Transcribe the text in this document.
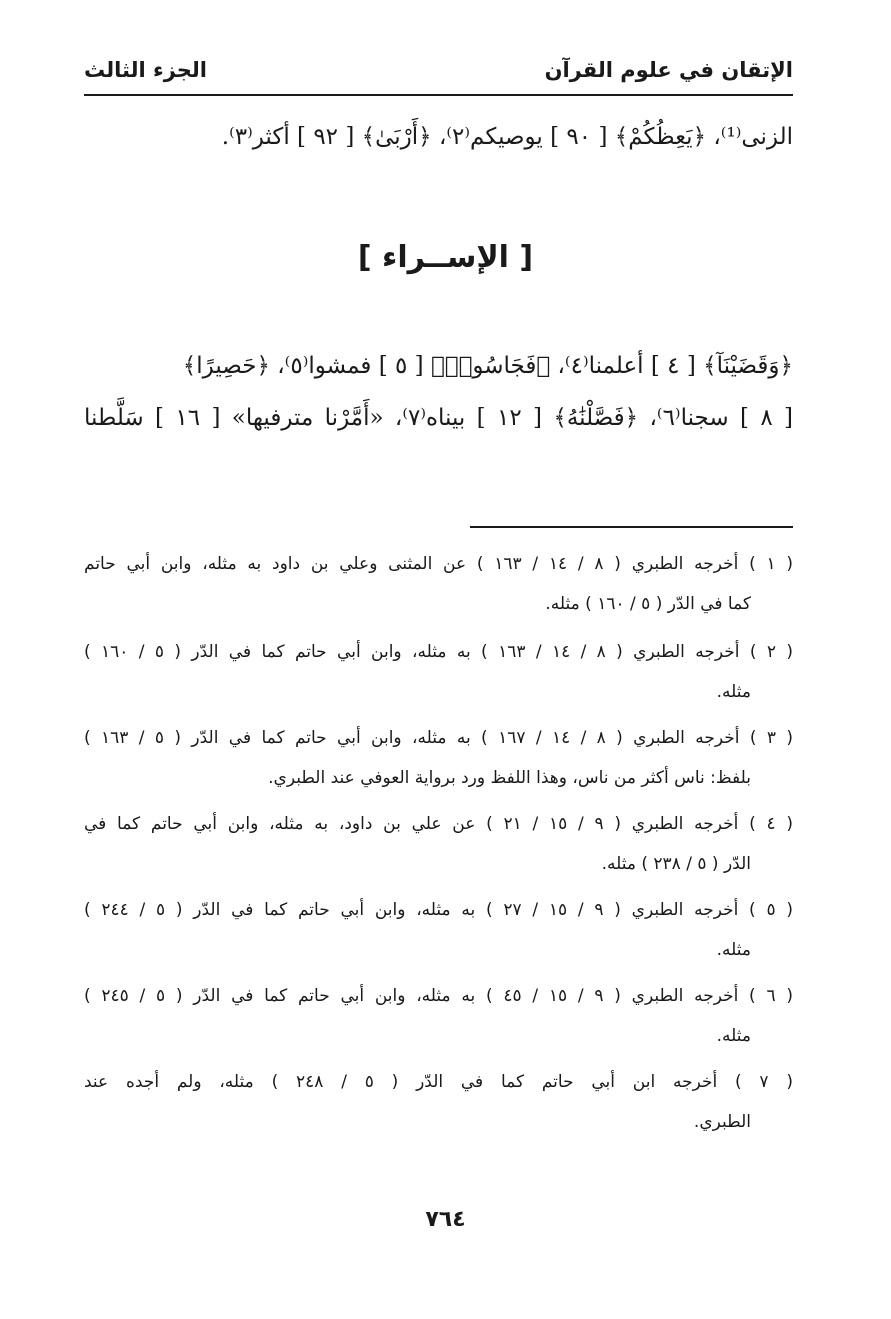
الإتقان في علوم القرآن
الجزء الثالث
الزنى⁽¹⁾، ﴿يَعِظُكُمْ﴾ [ ٩٠ ] يوصيكم⁽٢⁾، ﴿أَرْبَىٰ﴾ [ ٩٢ ] أكثر⁽٣⁾.
[ الإســراء ]
﴿وَقَضَيْنَآ﴾ [ ٤ ] أعلمنا⁽٤⁾، ﴿فَجَاسُوا۟﴾ [ ٥ ] فمشوا⁽٥⁾، ﴿حَصِيرًا﴾
[ ٨ ] سجنا⁽٦⁾، ﴿فَصَّلْنَٰهُ﴾ [ ١٢ ] بيناه⁽٧⁾، «أَمَّرْنا مترفيها» [ ١٦ ] سَلَّطنا
( ١ ) أخرجه الطبري ( ٨ / ١٤ / ١٦٣ ) عن المثنى وعلي بن داود به مثله، وابن أبي حاتم
كما في الدّر ( ٥ / ١٦٠ ) مثله.
( ٢ ) أخرجه الطبري ( ٨ / ١٤ / ١٦٣ ) به مثله، وابن أبي حاتم كما في الدّر ( ٥ / ١٦٠ )
مثله.
( ٣ ) أخرجه الطبري ( ٨ / ١٤ / ١٦٧ ) به مثله، وابن أبي حاتم كما في الدّر ( ٥ / ١٦٣ )
بلفظ: ناس أكثر من ناس، وهذا اللفظ ورد برواية العوفي عند الطبري.
( ٤ ) أخرجه الطبري ( ٩ / ١٥ / ٢١ ) عن علي بن داود، به مثله، وابن أبي حاتم كما في
الدّر ( ٥ / ٢٣٨ ) مثله.
( ٥ ) أخرجه الطبري ( ٩ / ١٥ / ٢٧ ) به مثله، وابن أبي حاتم كما في الدّر ( ٥ / ٢٤٤ )
مثله.
( ٦ ) أخرجه الطبري ( ٩ / ١٥ / ٤٥ ) به مثله، وابن أبي حاتم كما في الدّر ( ٥ / ٢٤٥ )
مثله.
( ٧ ) أخرجه ابن أبي حاتم كما في الدّر ( ٥ / ٢٤٨ ) مثله، ولم أجده عند
الطبري.
٧٦٤
